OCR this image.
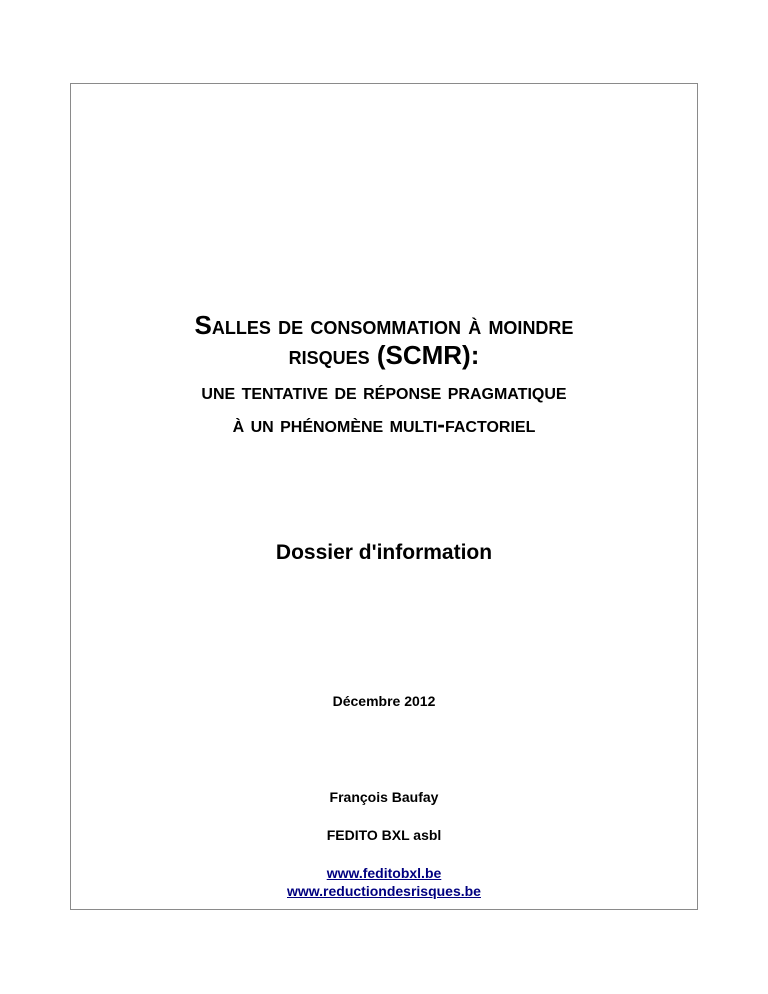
Salles de consommation à moindre
risques (SCMR):
une tentative de réponse pragmatique
à un phénomène multi-factoriel
Dossier d'information
Décembre 2012
François Baufay
FEDITO BXL asbl
www.feditobxl.be
www.reductiondesrisques.be
